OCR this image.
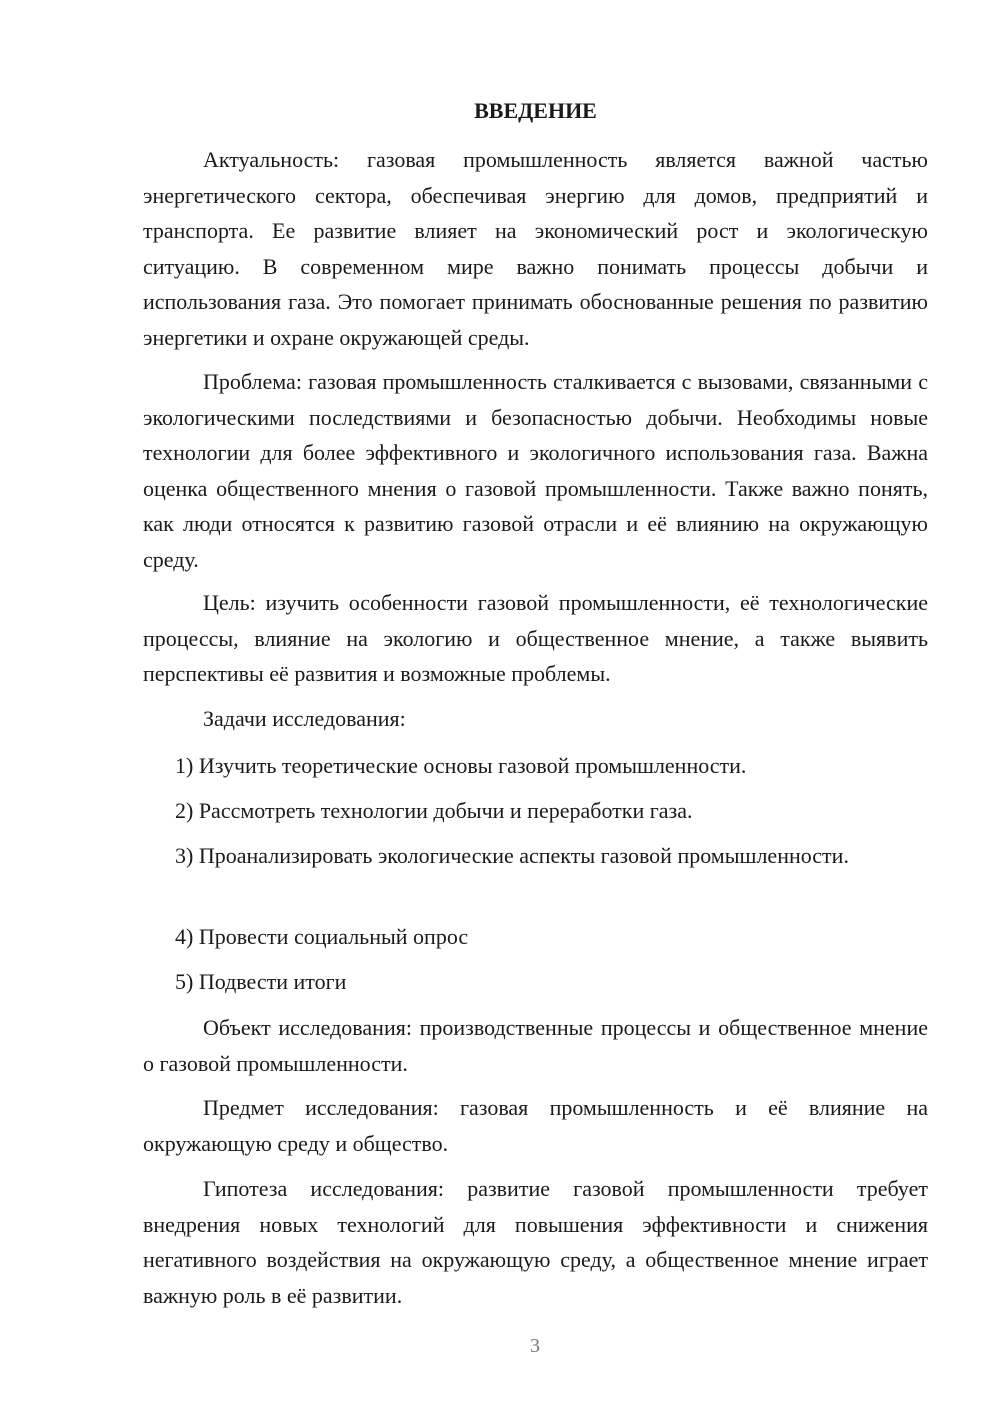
ВВЕДЕНИЕ

Актуальность: газовая промышленность является важной частью энергетического сектора, обеспечивая энергию для домов, предприятий и транспорта. Ее развитие влияет на экономический рост и экологическую ситуацию. В современном мире важно понимать процессы добычи и использования газа. Это помогает принимать обоснованные решения по развитию энергетики и охране окружающей среды.

Проблема: газовая промышленность сталкивается с вызовами, связанными с экологическими последствиями и безопасностью добычи. Необходимы новые технологии для более эффективного и экологичного использования газа. Важна оценка общественного мнения о газовой промышленности. Также важно понять, как люди относятся к развитию газовой отрасли и её влиянию на окружающую среду.

Цель: изучить особенности газовой промышленности, её технологические процессы, влияние на экологию и общественное мнение, а также выявить перспективы её развития и возможные проблемы.

Задачи исследования:

1) Изучить теоретические основы газовой промышленности.

2) Рассмотреть технологии добычи и переработки газа.

3) Проанализировать экологические аспекты газовой промышленности.

4) Провести социальный опрос

5) Подвести итоги

Объект исследования: производственные процессы и общественное мнение о газовой промышленности.

Предмет исследования: газовая промышленность и её влияние на окружающую среду и общество.

Гипотеза исследования: развитие газовой промышленности требует внедрения новых технологий для повышения эффективности и снижения негативного воздействия на окружающую среду, а общественное мнение играет важную роль в её развитии.

3
